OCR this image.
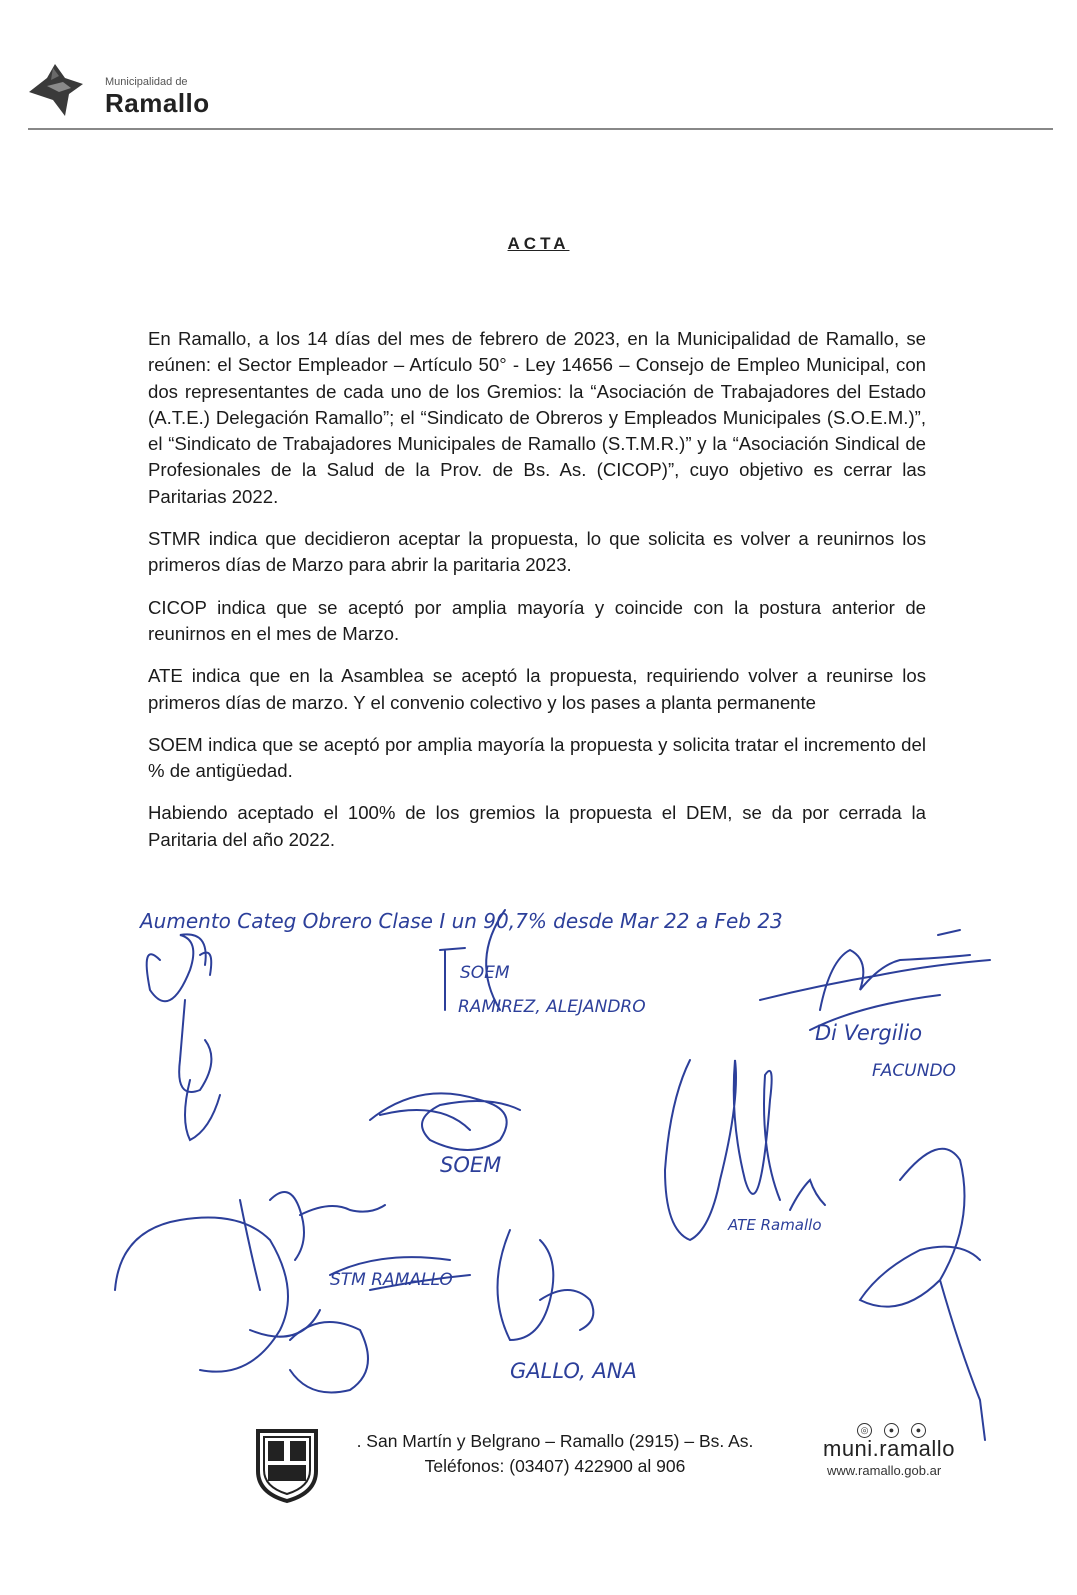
Municipalidad de
Ramallo
ACTA

En Ramallo, a los 14 días del mes de febrero de 2023, en la Municipalidad de Ramallo, se reúnen: el Sector Empleador – Artículo 50° - Ley 14656 – Consejo de Empleo Municipal, con dos representantes de cada uno de los Gremios: la “Asociación de Trabajadores del Estado (A.T.E.) Delegación Ramallo”; el “Sindicato de Obreros y Empleados Municipales (S.O.E.M.)”, el “Sindicato de Trabajadores Municipales de Ramallo (S.T.M.R.)” y la “Asociación Sindical de Profesionales de la Salud de la Prov. de Bs. As. (CICOP)”, cuyo objetivo es cerrar las Paritarias 2022.

STMR indica que decidieron aceptar la propuesta, lo que solicita es volver a reunirnos los primeros días de Marzo para abrir la paritaria 2023.

CICOP indica que se aceptó por amplia mayoría y coincide con la postura anterior de reunirnos en el mes de Marzo.

ATE indica que en la Asamblea se aceptó la propuesta, requiriendo volver a reunirse los primeros días de marzo. Y el convenio colectivo y los pases a planta permanente

SOEM indica que se aceptó por amplia mayoría la propuesta y solicita tratar el incremento del % de antigüedad.

Habiendo aceptado el 100% de los gremios la propuesta el DEM, se da por cerrada la Paritaria del año 2022.

Aumento Categ Obrero Clase I un 90,7% desde Mar 22 a Feb 23
SOEM
RAMIREZ, ALEJANDRO
Di Vergilio
FACUNDO
SOEM
ATE Ramallo
STM RAMALLO
GALLO, ANA
. San Martín y Belgrano – Ramallo (2915) – Bs. As.
Teléfonos: (03407) 422900 al 906
◎ ● ●
muni.ramallo
www.ramallo.gob.ar
